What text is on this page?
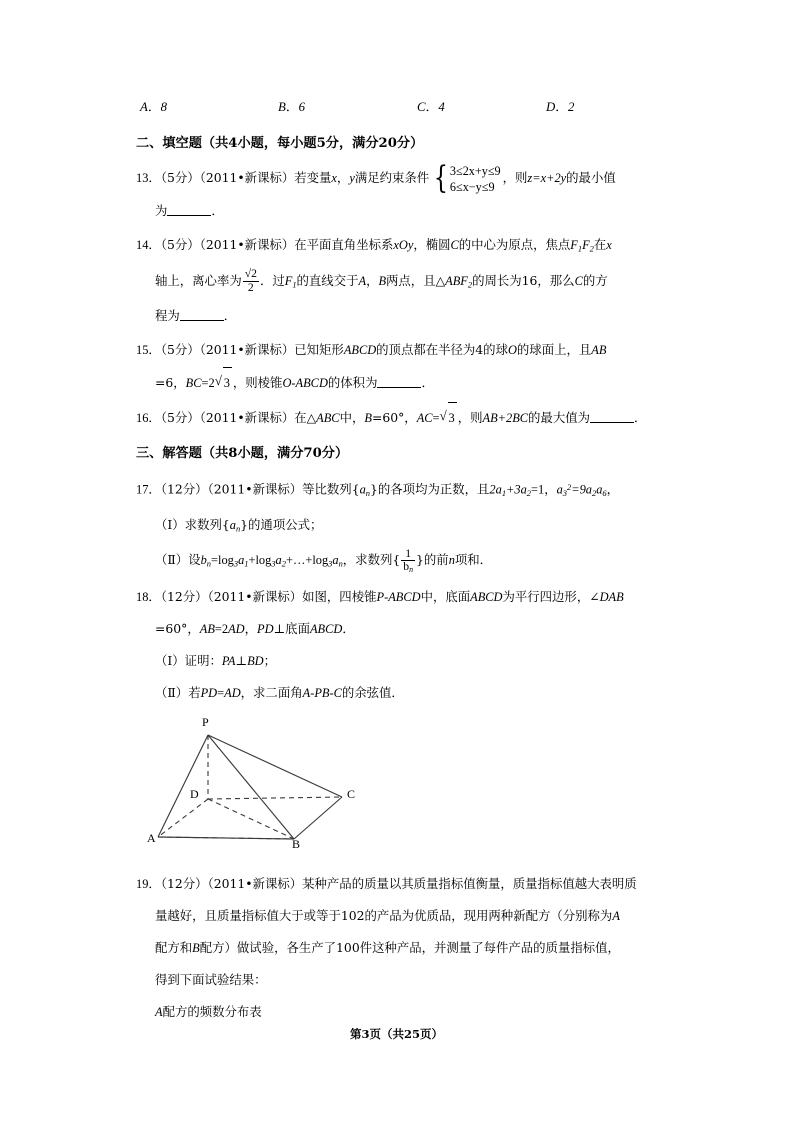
A．8	B．6	C．4	D．2
二、填空题（共4小题，每小题5分，满分20分）
13．（5分）（2011•新课标）若变量x，y满足约束条件 { 3≤2x+y≤9
6≤x−y≤9
，则z=x+2y的最小值
为	．
14．（5分）（2011•新课标）在平面直角坐标系xOy，椭圆C的中心为原点，焦点$F_1F_2$在x
轴上，离心率为 $\frac{√2}{2}$ ．过$F_1$的直线交于A，B两点，且$\triangle ABF_2$的周长为16，那么C的方
程为	．
15．（5分）（2011•新课标）已知矩形ABCD的顶点都在半径为4的球O的球面上，且AB
=6，BC=2 √ 3 ，则棱锥O-ABCD的体积为	．
16．（5分）（2011•新课标）在△ABC中，B=60°，AC= √ 3 ，则AB+2BC的最大值为	．
三、解答题（共8小题，满分70分）
17．（12分）（2011•新课标）等比数列$\{a_n\}$的各项均为正数，且$2a_1+3a_2=1$，$a_3^2=9a_2a_6$，
（Ⅰ）求数列$\{a_n\}$的通项公式；
（Ⅱ）设$b_n=\log_3a_1+\log_3a_2+\dots+\log_3a_n$，求数列{ $\frac{1}{b_n}$ }的前n项和．
18．（12分）（2011•新课标）如图，四棱锥P-ABCD中，底面ABCD为平行四边形，∠DAB
=60°，AB=2AD，PD⊥底面ABCD．
（Ⅰ）证明：PA⊥BD；
（Ⅱ）若PD=AD，求二面角A-PB-C的余弦值．
P
D	C
A	B
19．（12分）（2011•新课标）某种产品的质量以其质量指标值衡量，质量指标值越大表明质
量越好，且质量指标值大于或等于102的产品为优质品，现用两种新配方（分别称为A
配方和B配方）做试验，各生产了100件这种产品，并测量了每件产品的质量指标值，
得到下面试验结果：
A配方的频数分布表
第3页（共25页）
